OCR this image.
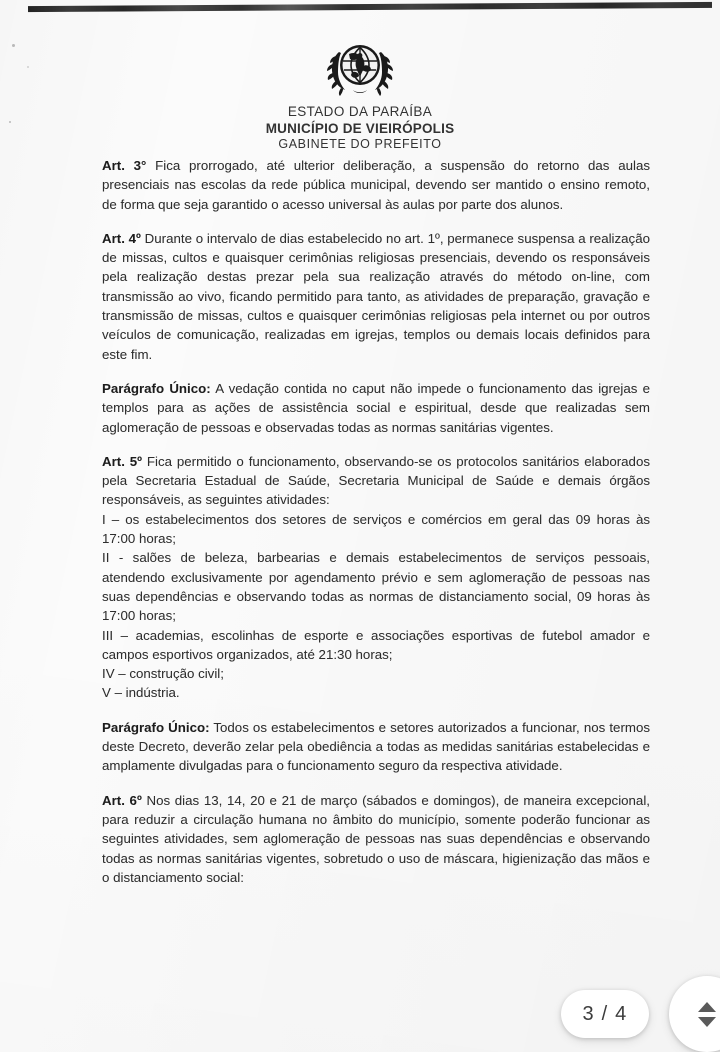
ESTADO DA PARAÍBA
MUNICÍPIO DE VIEIRÓPOLIS
GABINETE DO PREFEITO

Art. 3° Fica prorrogado, até ulterior deliberação, a suspensão do retorno das aulas presenciais nas escolas da rede pública municipal, devendo ser mantido o ensino remoto, de forma que seja garantido o acesso universal às aulas por parte dos alunos.

Art. 4º Durante o intervalo de dias estabelecido no art. 1º, permanece suspensa a realização de missas, cultos e quaisquer cerimônias religiosas presenciais, devendo os responsáveis pela realização destas prezar pela sua realização através do método on-line, com transmissão ao vivo, ficando permitido para tanto, as atividades de preparação, gravação e transmissão de missas, cultos e quaisquer cerimônias religiosas pela internet ou por outros veículos de comunicação, realizadas em igrejas, templos ou demais locais definidos para este fim.

Parágrafo Único: A vedação contida no caput não impede o funcionamento das igrejas e templos para as ações de assistência social e espiritual, desde que realizadas sem aglomeração de pessoas e observadas todas as normas sanitárias vigentes.

Art. 5º Fica permitido o funcionamento, observando-se os protocolos sanitários elaborados pela Secretaria Estadual de Saúde, Secretaria Municipal de Saúde e demais órgãos responsáveis, as seguintes atividades:

I – os estabelecimentos dos setores de serviços e comércios em geral das 09 horas às 17:00 horas;

II - salões de beleza, barbearias e demais estabelecimentos de serviços pessoais, atendendo exclusivamente por agendamento prévio e sem aglomeração de pessoas nas suas dependências e observando todas as normas de distanciamento social, 09 horas às 17:00 horas;

III – academias, escolinhas de esporte e associações esportivas de futebol amador e campos esportivos organizados, até 21:30 horas;

IV – construção civil;

V – indústria.

Parágrafo Único: Todos os estabelecimentos e setores autorizados a funcionar, nos termos deste Decreto, deverão zelar pela obediência a todas as medidas sanitárias estabelecidas e amplamente divulgadas para o funcionamento seguro da respectiva atividade.

Art. 6º Nos dias 13, 14, 20 e 21 de março (sábados e domingos), de maneira excepcional, para reduzir a circulação humana no âmbito do município, somente poderão funcionar as seguintes atividades, sem aglomeração de pessoas nas suas dependências e observando todas as normas sanitárias vigentes, sobretudo o uso de máscara, higienização das mãos e o distanciamento social:

3 / 4
